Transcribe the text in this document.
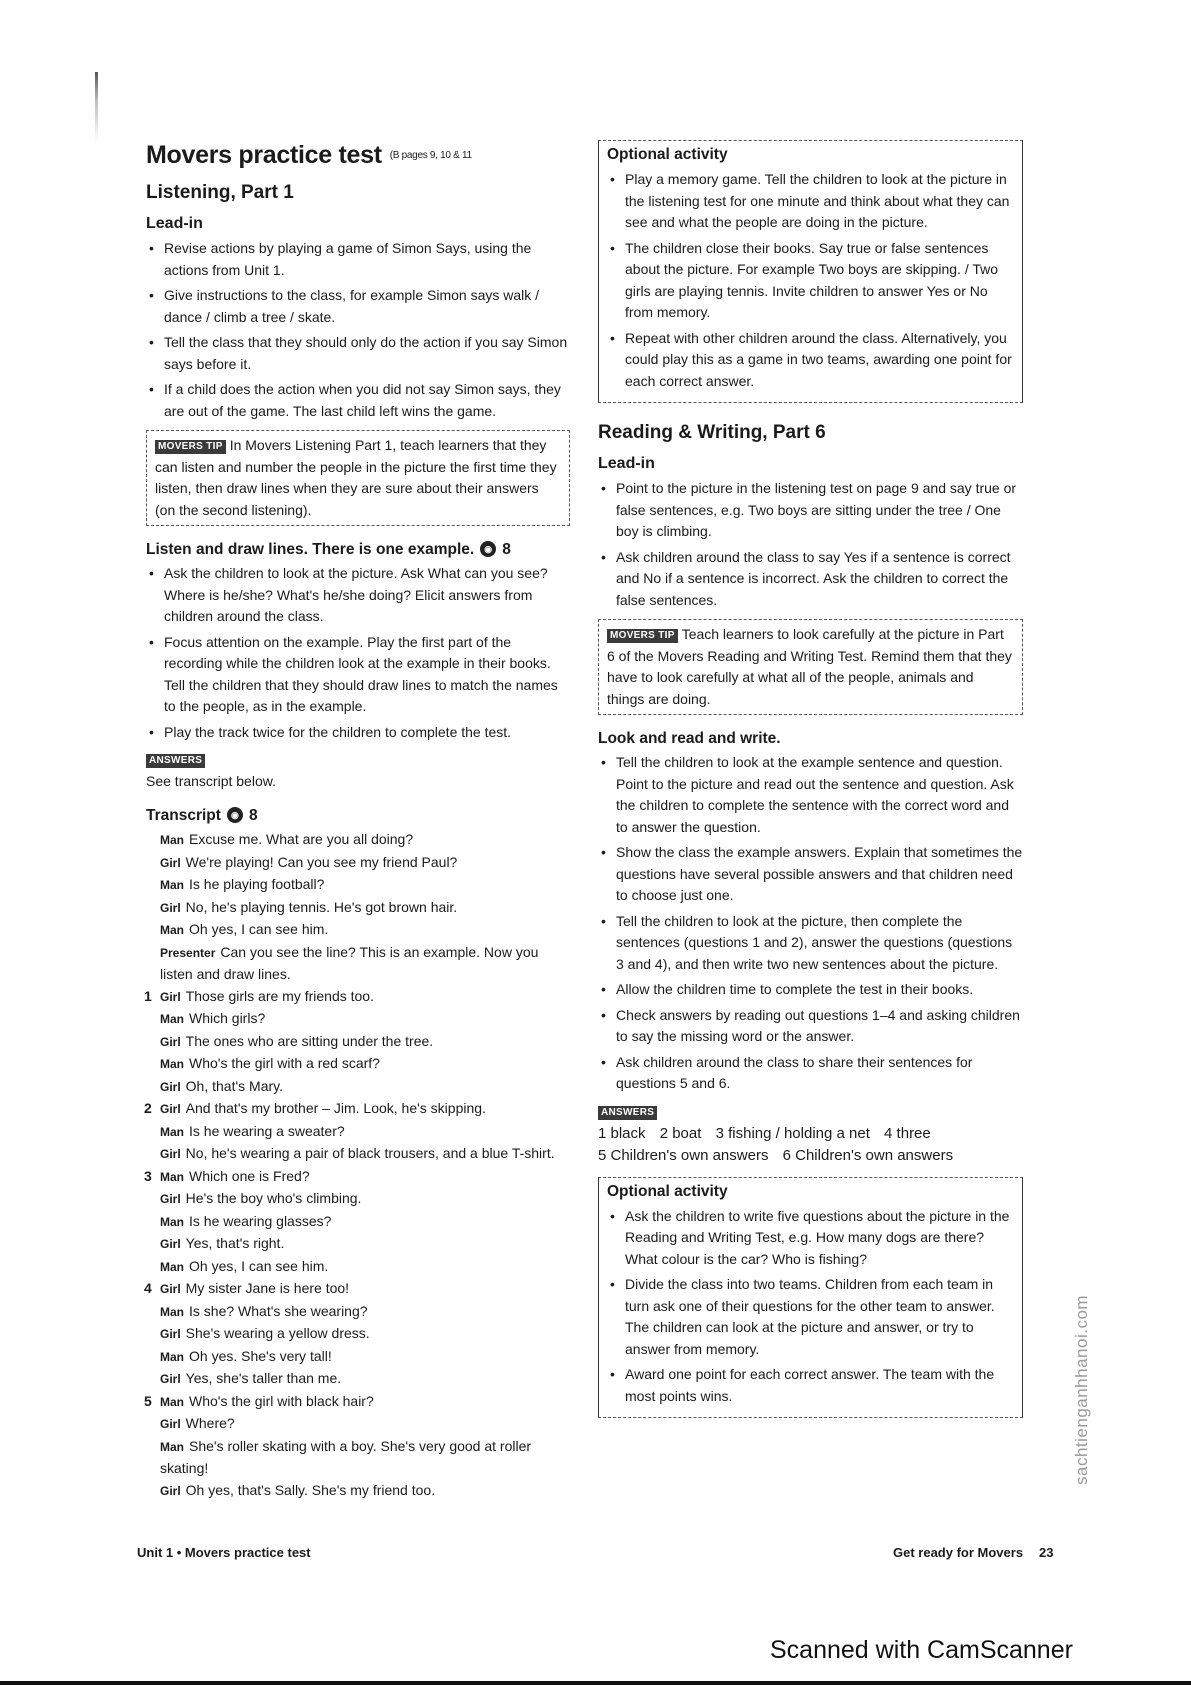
Movers practice test (B pages 9, 10 & 11
Listening, Part 1
Lead-in
• Revise actions by playing a game of Simon Says, using the actions from Unit 1.
• Give instructions to the class, for example Simon says walk / dance / climb a tree / skate.
• Tell the class that they should only do the action if you say Simon says before it.
• If a child does the action when you did not say Simon says, they are out of the game. The last child left wins the game.
MOVERS TIP In Movers Listening Part 1, teach learners that they can listen and number the people in the picture the first time they listen, then draw lines when they are sure about their answers (on the second listening).
Listen and draw lines. There is one example. ◉ 8
• Ask the children to look at the picture. Ask What can you see? Where is he/she? What's he/she doing? Elicit answers from children around the class.
• Focus attention on the example. Play the first part of the recording while the children look at the example in their books. Tell the children that they should draw lines to match the names to the people, as in the example.
• Play the track twice for the children to complete the test.
ANSWERS

See transcript below.

Transcript ◉ 8
Man Excuse me. What are you all doing?
Girl We're playing! Can you see my friend Paul?
Man Is he playing football?
Girl No, he's playing tennis. He's got brown hair.
Man Oh yes, I can see him.
Presenter Can you see the line? This is an example. Now you listen and draw lines.
1 Girl Those girls are my friends too.
Man Which girls?
Girl The ones who are sitting under the tree.
Man Who's the girl with a red scarf?
Girl Oh, that's Mary.
2 Girl And that's my brother – Jim. Look, he's skipping.
Man Is he wearing a sweater?
Girl No, he's wearing a pair of black trousers, and a blue T-shirt.
3 Man Which one is Fred?
Girl He's the boy who's climbing.
Man Is he wearing glasses?
Girl Yes, that's right.
Man Oh yes, I can see him.
4 Girl My sister Jane is here too!
Man Is she? What's she wearing?
Girl She's wearing a yellow dress.
Man Oh yes. She's very tall!
Girl Yes, she's taller than me.
5 Man Who's the girl with black hair?
Girl Where?
Man She's roller skating with a boy. She's very good at roller skating!
Girl Oh yes, that's Sally. She's my friend too.
Optional activity
• Play a memory game. Tell the children to look at the picture in the listening test for one minute and think about what they can see and what the people are doing in the picture.
• The children close their books. Say true or false sentences about the picture. For example Two boys are skipping. / Two girls are playing tennis. Invite children to answer Yes or No from memory.
• Repeat with other children around the class. Alternatively, you could play this as a game in two teams, awarding one point for each correct answer.
Reading & Writing, Part 6
Lead-in
• Point to the picture in the listening test on page 9 and say true or false sentences, e.g. Two boys are sitting under the tree / One boy is climbing.
• Ask children around the class to say Yes if a sentence is correct and No if a sentence is incorrect. Ask the children to correct the false sentences.
MOVERS TIP Teach learners to look carefully at the picture in Part 6 of the Movers Reading and Writing Test. Remind them that they have to look carefully at what all of the people, animals and things are doing.
Look and read and write.
• Tell the children to look at the example sentence and question. Point to the picture and read out the sentence and question. Ask the children to complete the sentence with the correct word and to answer the question.
• Show the class the example answers. Explain that sometimes the questions have several possible answers and that children need to choose just one.
• Tell the children to look at the picture, then complete the sentences (questions 1 and 2), answer the questions (questions 3 and 4), and then write two new sentences about the picture.
• Allow the children time to complete the test in their books.
• Check answers by reading out questions 1–4 and asking children to say the missing word or the answer.
• Ask children around the class to share their sentences for questions 5 and 6.
ANSWERS
1 black 2 boat 3 fishing / holding a net 4 three
5 Children's own answers 6 Children's own answers
Optional activity
• Ask the children to write five questions about the picture in the Reading and Writing Test, e.g. How many dogs are there? What colour is the car? Who is fishing?
• Divide the class into two teams. Children from each team in turn ask one of their questions for the other team to answer. The children can look at the picture and answer, or try to answer from memory.
• Award one point for each correct answer. The team with the most points wins.
Unit 1 • Movers practice test	Get ready for Movers 23
sachtienganhhanoi.com
Scanned with CamScanner
